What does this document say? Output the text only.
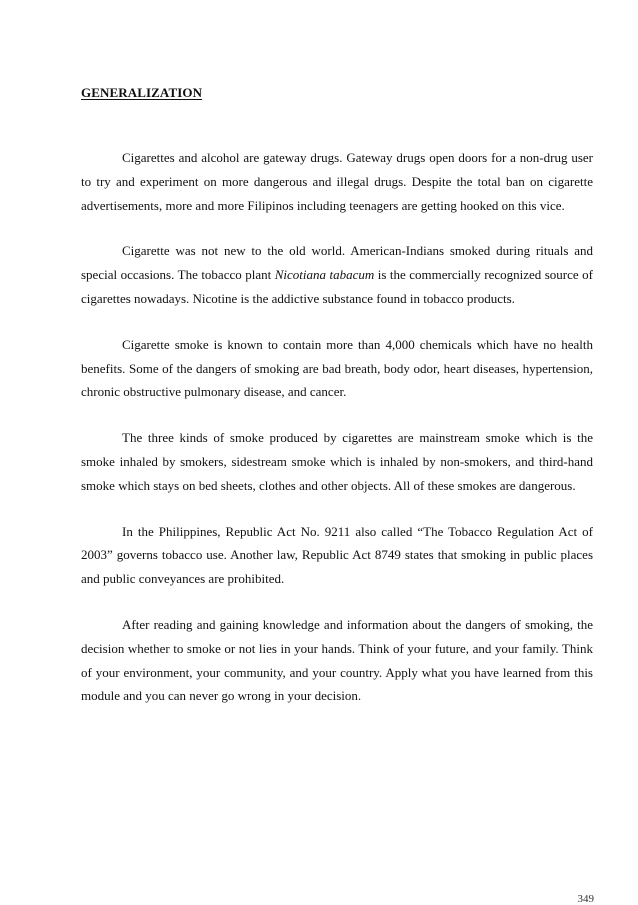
GENERALIZATION

Cigarettes and alcohol are gateway drugs. Gateway drugs open doors for a non-drug user to try and experiment on more dangerous and illegal drugs. Despite the total ban on cigarette advertisements, more and more Filipinos including teenagers are getting hooked on this vice.

Cigarette was not new to the old world. American-Indians smoked during rituals and special occasions. The tobacco plant Nicotiana tabacum is the commercially recognized source of cigarettes nowadays. Nicotine is the addictive substance found in tobacco products.

Cigarette smoke is known to contain more than 4,000 chemicals which have no health benefits. Some of the dangers of smoking are bad breath, body odor, heart diseases, hypertension, chronic obstructive pulmonary disease, and cancer.

The three kinds of smoke produced by cigarettes are mainstream smoke which is the smoke inhaled by smokers, sidestream smoke which is inhaled by non-smokers, and third-hand smoke which stays on bed sheets, clothes and other objects. All of these smokes are dangerous.

In the Philippines, Republic Act No. 9211 also called “The Tobacco Regulation Act of 2003” governs tobacco use. Another law, Republic Act 8749 states that smoking in public places and public conveyances are prohibited.

After reading and gaining knowledge and information about the dangers of smoking, the decision whether to smoke or not lies in your hands. Think of your future, and your family. Think of your environment, your community, and your country. Apply what you have learned from this module and you can never go wrong in your decision.

349
